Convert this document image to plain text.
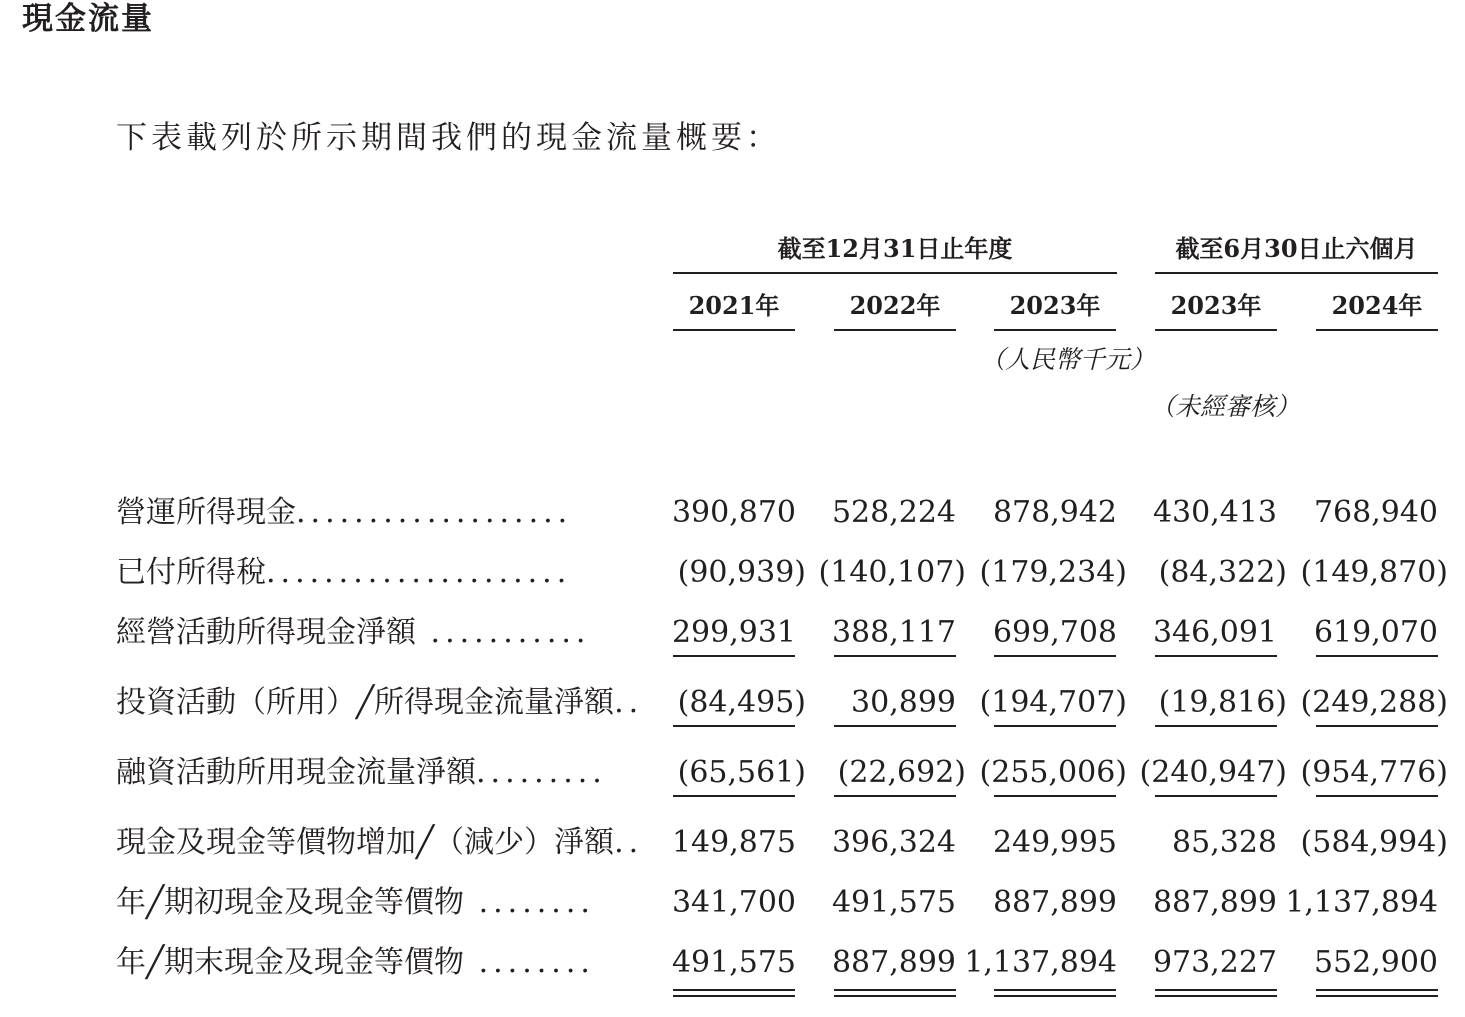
現金流量
下表載列於所示期間我們的現金流量概要：
截至12月31日止年度	截至6月30日止六個月
2021年	2022年	2023年	2023年	2024年
（人民幣千元）
（未經審核）
營運所得現金...................	390,870	528,224	878,942	430,413	768,940
已付所得稅.....................	(90,939) (140,107) (179,234)	(84,322) (149,870)
經營活動所得現金淨額 ...........	299,931	388,117	699,708	346,091	619,070
投資活動（所用）╱所得現金流量淨額..	(84,495)	30,899 (194,707)	(19,816) (249,288)
融資活動所用現金流量淨額.........	(65,561)	(22,692) (255,006) (240,947) (954,776)
現金及現金等價物增加╱（減少）淨額.. 149,875	396,324	249,995	85,328 (584,994)
年╱期初現金及現金等價物 ........	341,700	491,575	887,899	887,899 1,137,894
年╱期末現金及現金等價物 ........	491,575	887,899 1,137,894	973,227	552,900
